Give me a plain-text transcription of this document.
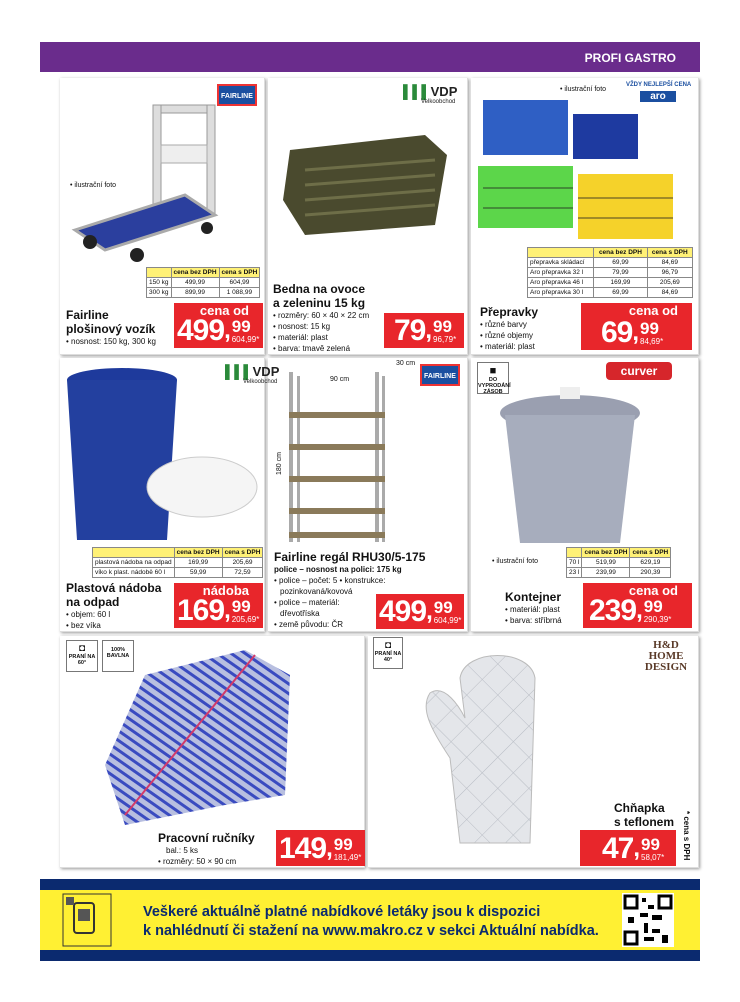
PROFI GASTRO
FAIRLINE
• ilustrační foto
	cena bez DPH	cena s DPH
150 kg	499,99	604,99
300 kg	899,99	1 088,99
Fairline
plošinový vozík
• nosnost: 150 kg, 300 kg
cena od
499 , 99
604,99*
▌▌▌VDP
Velkoobchod
Bedna na ovoce
a zeleninu 15 kg
• rozměry: 60 × 40 × 22 cm
• nosnost: 15 kg
• materiál: plast
• barva: tmavě zelená
79 , 99
96,79*
• ilustrační foto
VŽDY NEJLEPŠÍ CENA
aro
	cena bez DPH	cena s DPH
přepravka skládací	69,99	84,69
Aro přepravka 32 l	79,99	96,79
Aro přepravka 46 l	169,99	205,69
Aro přepravka 30 l	69,99	84,69
Přepravky
• různé barvy
• různé objemy
• materiál: plast
cena od
69 , 99
84,69*
▌▌▌VDP
Velkoobchod
	cena bez DPH	cena s DPH
plastová nádoba na odpad	169,99	205,69
víko k plast. nádobě 60 l	59,99	72,59
Plastová nádoba
na odpad
• objem: 60 l
• bez víka
nádoba
169 , 99
205,69*
FAIRLINE
90 cm
30 cm
180 cm
Fairline regál RHU30/5-175
police – nosnost na polici: 175 kg
• police – počet: 5 • konstrukce:
pozinkovaná/kovová
• police – materiál:
dřevotříska
• země původu: ČR	499 , 99
604,99*
■
DO VYPRODÁNÍ ZÁSOB
curver
• ilustrační foto
	cena bez DPH	cena s DPH
70 l	519,99	629,19
23 l	239,99	290,39
Kontejner
• materiál: plast
• barva: stříbrná
cena od
239 , 99
290,39*
◘
PRANÍ NA 60°
100% BAVLNA
Pracovní ručníky
bal.: 5 ks
• rozměry: 50 × 90 cm	149 , 99
181,49*
◘
PRANÍ NA 40°
H&D HOME DESIGN
Chňapka
s teflonem
47 , 99
58,07* * cena s DPH
Veškeré aktuálně platné nabídkové letáky jsou k dispozici
k nahlédnutí či stažení na www.makro.cz v sekci Aktuální nabídka.
